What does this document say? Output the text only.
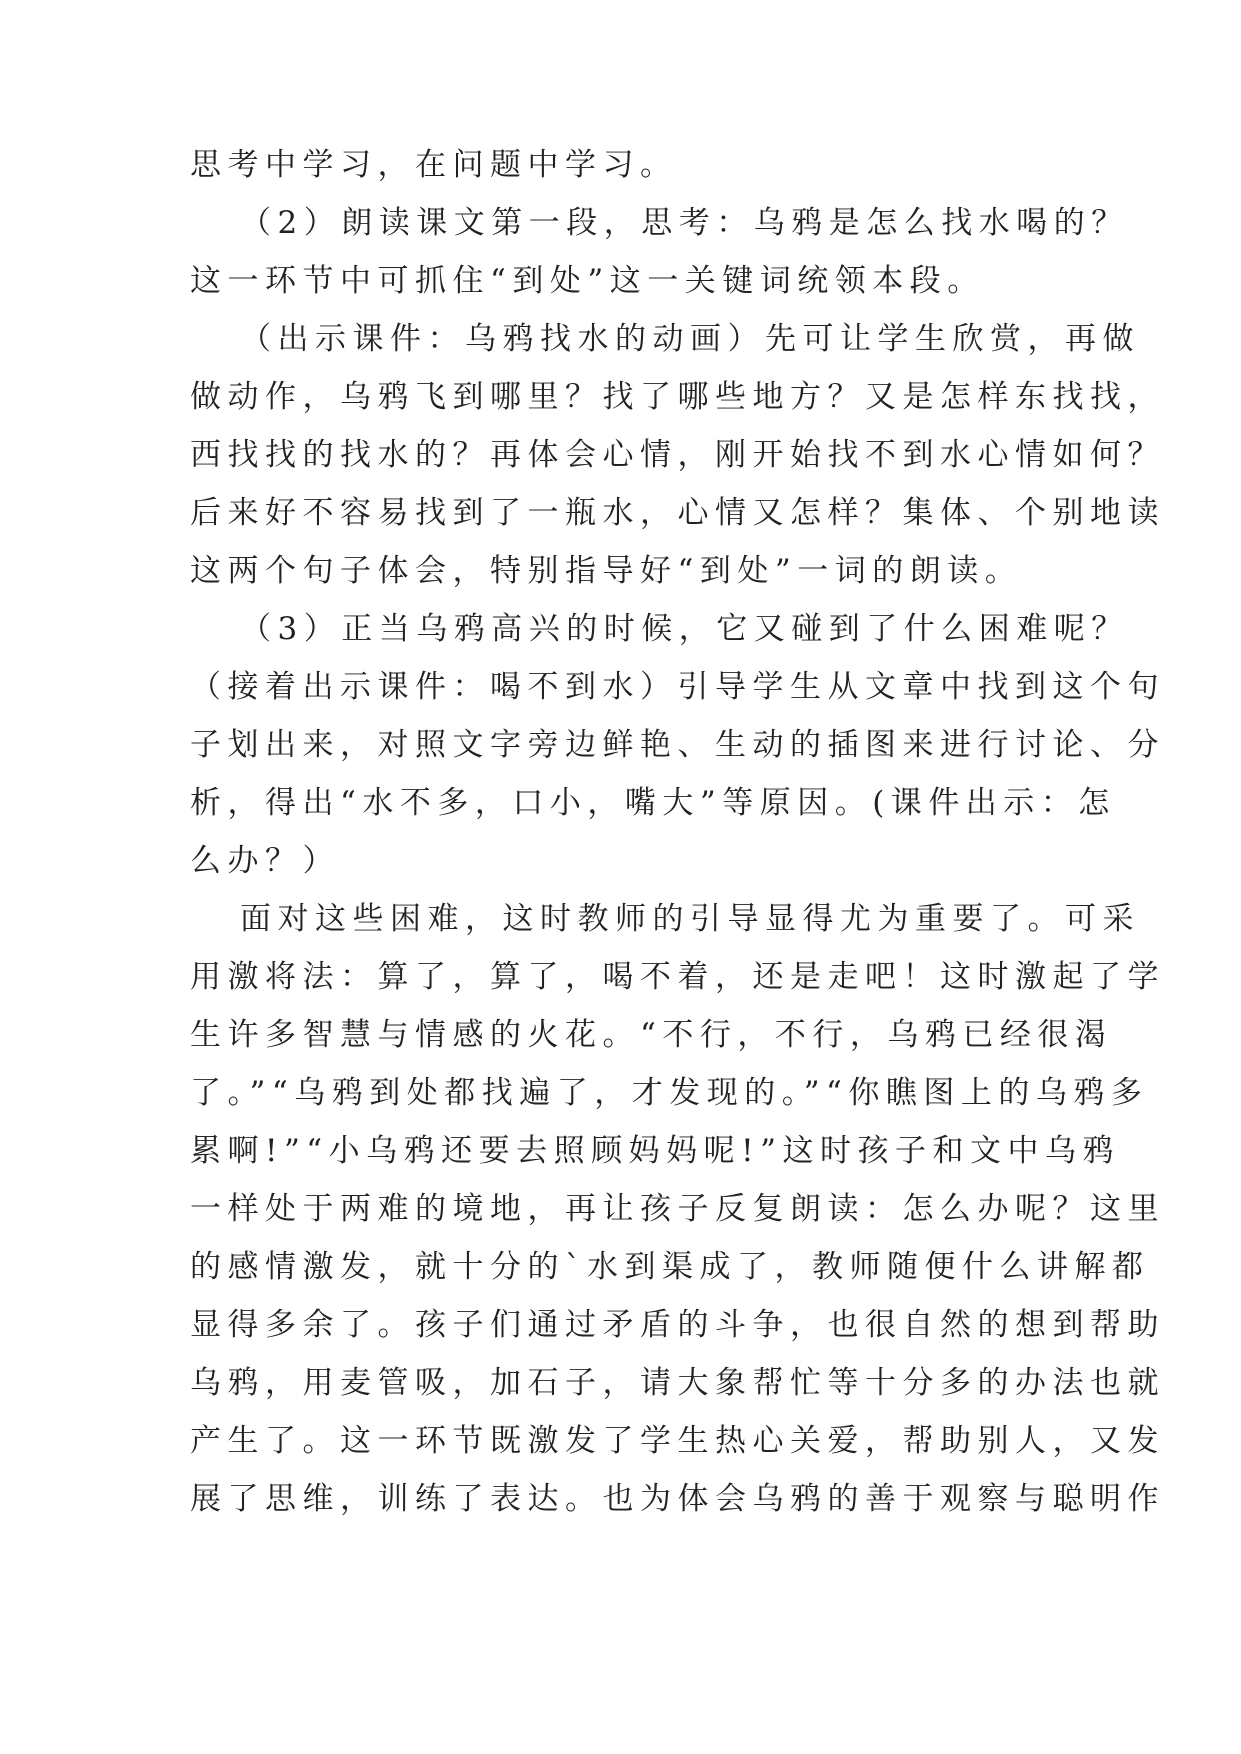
思考中学习，在问题中学习。
（2）朗读课文第一段，思考：乌鸦是怎么找水喝的？
这一环节中可抓住“到处”这一关键词统领本段。
（出示课件：乌鸦找水的动画）先可让学生欣赏，再做
做动作，乌鸦飞到哪里？找了哪些地方？又是怎样东找找，
西找找的找水的？再体会心情，刚开始找不到水心情如何？
后来好不容易找到了一瓶水，心情又怎样？集体、个别地读
这两个句子体会，特别指导好“到处”一词的朗读。
（3）正当乌鸦高兴的时候，它又碰到了什么困难呢？
（接着出示课件：喝不到水）引导学生从文章中找到这个句
子划出来，对照文字旁边鲜艳、生动的插图来进行讨论、分
析，得出“水不多，口小，嘴大”等原因。(课件出示：怎
么办？）
面对这些困难，这时教师的引导显得尤为重要了。可采
用激将法：算了，算了，喝不着，还是走吧！这时激起了学
生许多智慧与情感的火花。“不行，不行，乌鸦已经很渴
了。”“乌鸦到处都找遍了，才发现的。”“你瞧图上的乌鸦多
累啊!”“小乌鸦还要去照顾妈妈呢!”这时孩子和文中乌鸦
一样处于两难的境地，再让孩子反复朗读：怎么办呢？这里
的感情激发，就十分的`水到渠成了，教师随便什么讲解都
显得多余了。孩子们通过矛盾的斗争，也很自然的想到帮助
乌鸦，用麦管吸，加石子，请大象帮忙等十分多的办法也就
产生了。这一环节既激发了学生热心关爱，帮助别人，又发
展了思维，训练了表达。也为体会乌鸦的善于观察与聪明作
